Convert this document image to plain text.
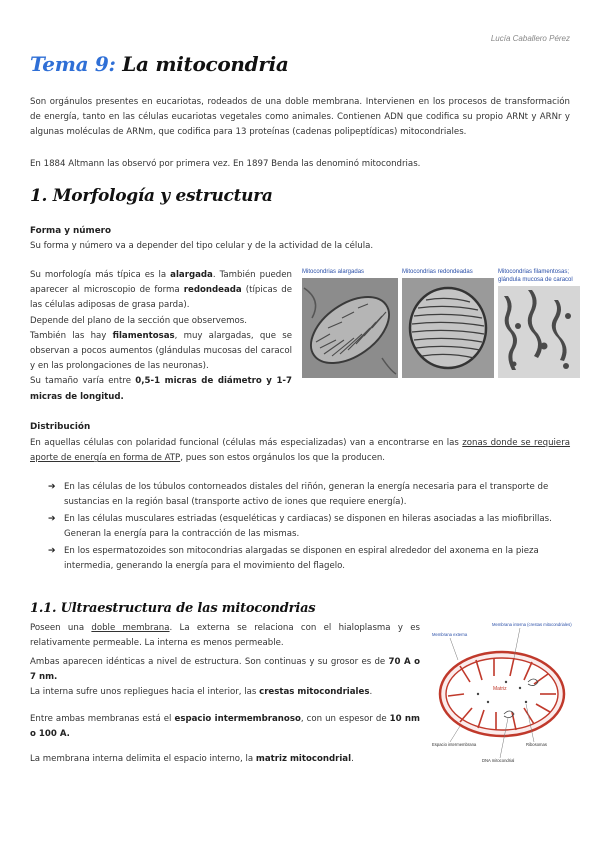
Lucía Caballero Pérez
Tema 9: La mitocondria

Son orgánulos presentes en eucariotas, rodeados de una doble membrana. Intervienen en los procesos de transformación de energía, tanto en las células eucariotas vegetales como animales. Contienen ADN que codifica su propio ARNt y ARNr y algunas moléculas de ARNm, que codifica para 13 proteínas (cadenas polipeptídicas) mitocondriales.

En 1884 Altmann las observó por primera vez. En 1897 Benda las denominó mitocondrias.

1. Morfología y estructura
Forma y número

Su forma y número va a depender del tipo celular y de la actividad de la célula.

Su morfología más típica es la alargada. También pueden aparecer al microscopio de forma redondeada (típicas de las células adiposas de grasa parda).
Depende del plano de la sección que observemos.
También las hay filamentosas, muy alargadas, que se observan a pocos aumentos (glándulas mucosas del caracol y en las prolongaciones de las neuronas).
Su tamaño varía entre 0,5-1 micras de diámetro y 1-7 micras de longitud.

Mitocondrias alargadas	Mitocondrias redondeadas	Mitocondrias filamentosas; glándula mucosa de caracol
Distribución

En aquellas células con polaridad funcional (células más especializadas) van a encontrarse en las zonas donde se requiera aporte de energía en forma de ATP, pues son estos orgánulos los que la producen.

➔ En las células de los túbulos contorneados distales del riñón, generan la energía necesaria para el transporte de sustancias en la región basal (transporte activo de iones que requiere energía).
➔ En las células musculares estriadas (esqueléticas y cardiacas) se disponen en hileras asociadas a las miofibrillas. Generan la energía para la contracción de las mismas.
➔ En los espermatozoides son mitocondrias alargadas se disponen en espiral alrededor del axonema en la pieza intermedia, generando la energía para el movimiento del flagelo.
1.1. Ultraestructura de las mitocondrias

Poseen una doble membrana. La externa se relaciona con el hialoplasma y es relativamente permeable. La interna es menos permeable.

Ambas aparecen idénticas a nivel de estructura. Son continuas y su grosor es de 70 A o 7 nm.

La interna sufre unos repliegues hacia el interior, las crestas mitocondriales.

Entre ambas membranas está el espacio intermembranoso, con un espesor de 10 nm o 100 A.

La membrana interna delimita el espacio interno, la matriz mitocondrial.

Matriz
Membrana interna (crestas mitocondriales)
Membrana externa
Espacio intermembrana	Ribosomas
DNA mitocondrial
